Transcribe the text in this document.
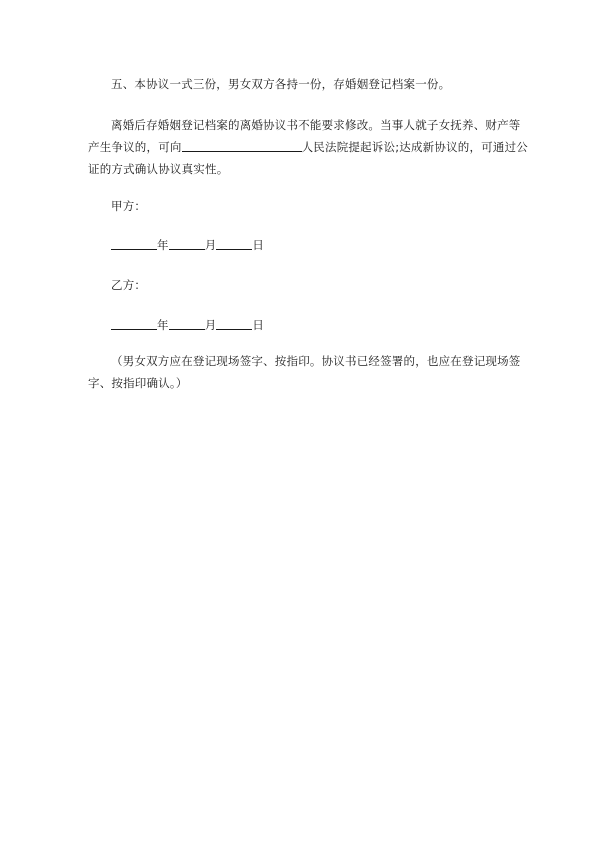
五、本协议一式三份，男女双方各持一份，存婚姻登记档案一份。
离婚后存婚姻登记档案的离婚协议书不能要求修改。当事人就子女抚养、财产等产生争议的，可向	人民法院提起诉讼;达成新协议的，可通过公证的方式确认协议真实性。
甲方：
年	月	日
乙方：
年	月	日
（男女双方应在登记现场签字、按指印。协议书已经签署的，也应在登记现场签字、按指印确认。）
